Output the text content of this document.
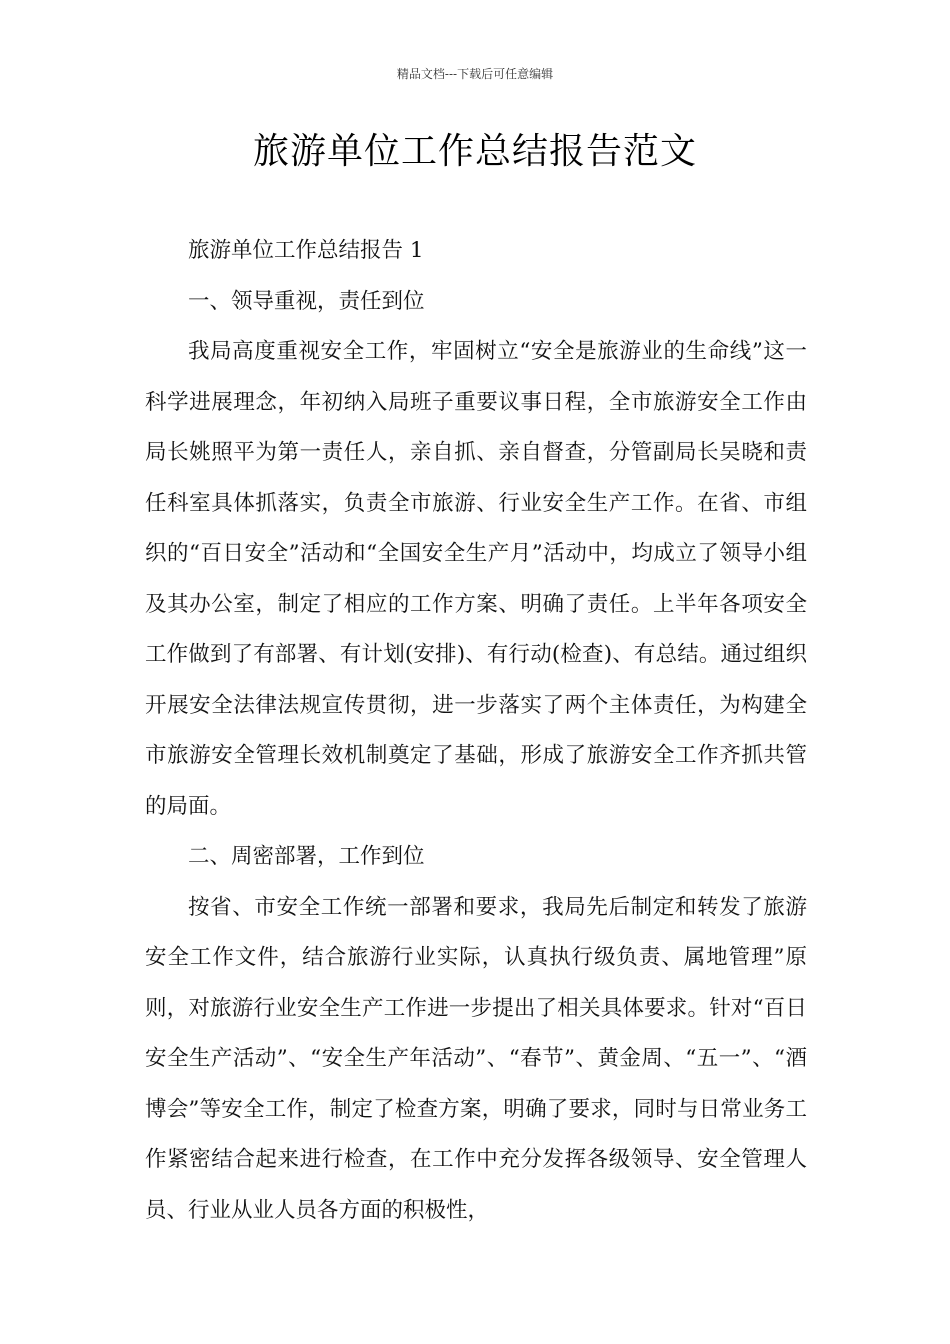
精品文档---下载后可任意编辑
旅游单位工作总结报告范文

旅游单位工作总结报告 1

一、领导重视，责任到位

我局高度重视安全工作，牢固树立“安全是旅游业的生命线”这一科学进展理念，年初纳入局班子重要议事日程，全市旅游安全工作由局长姚照平为第一责任人，亲自抓、亲自督查，分管副局长吴晓和责任科室具体抓落实，负责全市旅游、行业安全生产工作。在省、市组织的“百日安全”活动和“全国安全生产月”活动中，均成立了领导小组及其办公室，制定了相应的工作方案、明确了责任。上半年各项安全工作做到了有部署、有计划(安排)、有行动(检查)、有总结。通过组织开展安全法律法规宣传贯彻，进一步落实了两个主体责任，为构建全市旅游安全管理长效机制奠定了基础，形成了旅游安全工作齐抓共管的局面。

二、周密部署，工作到位

按省、市安全工作统一部署和要求，我局先后制定和转发了旅游安全工作文件，结合旅游行业实际，认真执行级负责、属地管理”原则，对旅游行业安全生产工作进一步提出了相关具体要求。针对“百日安全生产活动”、“安全生产年活动”、“春节”、黄金周、“五一”、“酒博会”等安全工作，制定了检查方案，明确了要求，同时与日常业务工作紧密结合起来进行检查，在工作中充分发挥各级领导、安全管理人员、行业从业人员各方面的积极性，
